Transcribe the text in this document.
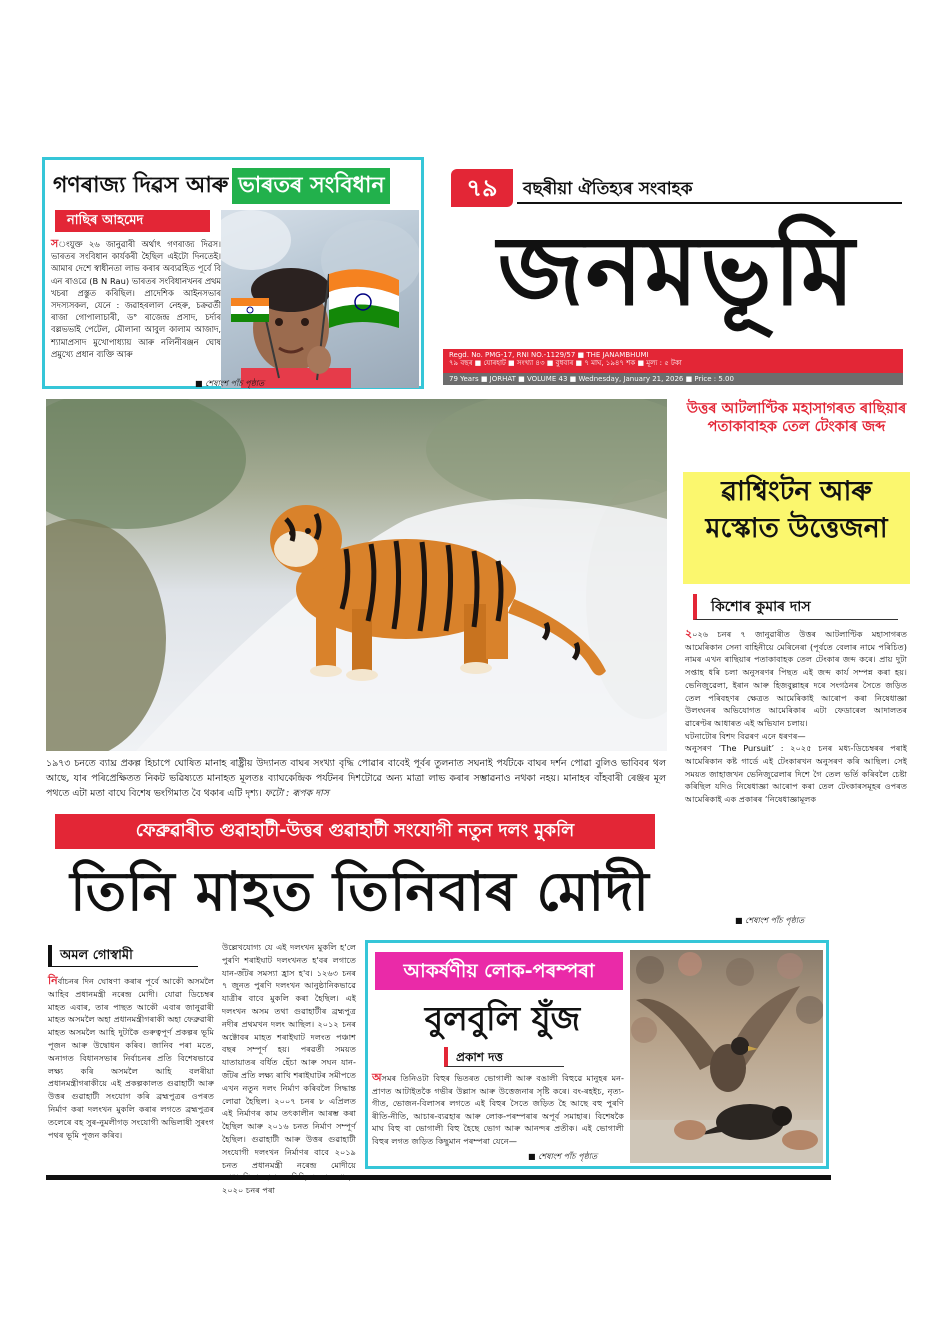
গণৰাজ্য দিৱস আৰু ভাৰতৰ সংবিধান
নাছিৰ আহমেদ
সংযুক্ত ২৬ জানুৱাৰী অৰ্থাৎ গণৰাজ্য দিৱস। ভাৰতৰ সংবিধান কাৰ্যকৰী হৈছিল এইটো দিনতেই। আমাৰ দেশে স্বাধীনতা লাভ কৰাৰ অব্যৱহিত পূৰ্বে বি এন ৰাওৱে (B N Rau) ভাৰতৰ সংবিধানখনৰ প্ৰথম খচৰা প্ৰস্তুত কৰিছিল। প্ৰাদেশিক আইনসভাৰ সদস্যসকল, যেনে : জৱাহৰলাল নেহৰু, চক্ৰৱৰ্তী ৰাজা গোপালাচাৰী, ড° ৰাজেন্দ্ৰ প্ৰসাদ, চৰ্দাৰ বল্লভভাই পেটেল, মৌলানা আবুল কালাম আজাদ, শ্যামাপ্ৰসাদ মুখোপাধ্যায় আৰু নলিনীৰঞ্জন ঘোষ প্ৰমুখ্যে প্ৰধান ব্যক্তি আৰু
■ শেষাংশ পাঁচ পৃষ্ঠাত
৭৯	বছৰীয়া ঐতিহ্যৰ সংবাহক
জনমভূমি
Regd. No. PMG-17, RNI NO.-1129/57 ■ THE JANAMBHUMI
৭৯ বছৰ ■ যোৰহাট ■ সংখ্যা ৪৩ ■ বুধবাৰ ■ ৭ মাঘ, ১৯৪৭ শক ■ মূল্য : ৫ টকা
79 Years ■ JORHAT ■ VOLUME 43 ■ Wednesday, January 21, 2026 ■ Price : 5.00
১৯৭৩ চনতে ব্যাঘ্ৰ প্ৰকল্প হিচাপে ঘোষিত মানাহ ৰাষ্ট্ৰীয় উদ্যানত বাঘৰ সংখ্যা বৃদ্ধি পোৱাৰ বাবেই পূৰ্বৰ তুলনাত সঘনাই পৰ্যটকে বাঘৰ দৰ্শন পোৱা বুলিও ভাবিবৰ থল আছে, যাৰ পৰিপ্ৰেক্ষিতত নিকট ভৱিষ্যতে মানাহত মূলতঃ ব্যাঘকেন্দ্ৰিক পৰ্যটনৰ দিশটোৱে অন্য মাত্ৰা লাভ কৰাৰ সম্ভাৱনাও নথকা নহয়। মানাহৰ বাঁহবাৰী ৰেঞ্জৰ মূল পথতে এটা মতা বাঘে বিশেষ ভংগিমাত বৈ থকাৰ এটি দৃশ্য। ফটো : ৰূপক দাস
উত্তৰ আটলাণ্টিক মহাসাগৰত ৰাছিয়াৰ পতাকাবাহক তেল টেংকাৰ জব্দ
ৱাশ্বিংটন আৰু মস্কোত উত্তেজনা
কিশোৰ কুমাৰ দাস

২০২৬ চনৰ ৭ জানুৱাৰীত উত্তৰ আটলাণ্টিক মহাসাগৰত আমেৰিকান সেনা বাহিনীয়ে মেৰিনেৰা (পূৰ্বতে বেলাৰ নামে পৰিচিত) নামৰ এখন ৰাছিয়াৰ পতাকাবাহক তেল টেংকাৰ জব্দ কৰে। প্ৰায় দুটা সপ্তাহ ধৰি চলা অনুসৰণৰ পিছত এই জব্দ কাৰ্য সম্পন্ন কৰা হয়। ভেনিজুৱেলা, ইৰান আৰু হিজবুল্লাহৰ দৰে সংগঠনৰ সৈতে জড়িত তেল পৰিবহণৰ ক্ষেত্ৰত আমেৰিকাই আৰোপ কৰা নিষেধাজ্ঞা উলংঘনৰ অভিযোগত আমেৰিকাৰ এটা ফেডাৰেল আদালতৰ ৱাৰেণ্টৰ আধাৰত এই অভিযান চলায়।

ঘটনাটোৰ বিশদ বিৱৰণ এনে ধৰণৰ—

অনুসৰণ ‘The Pursuit’ : ২০২৫ চনৰ মধ্য-ডিচেম্বৰৰ পৰাই আমেৰিকান কষ্ট গাৰ্ডে এই টেংকাৰখন অনুসৰণ কৰি আছিল। সেই সময়ত জাহাজখন ভেনিজুৱেলাৰ দিশে গৈ তেল ভৰ্তি কৰিবলৈ চেষ্টা কৰিছিল যদিও নিষেধাজ্ঞা আৰোপ কৰা তেল টেংকাৰসমূহৰ ওপৰত আমেৰিকাই এক প্ৰকাৰৰ ‘নিষেধাজ্ঞামূলক

■ শেষাংশ পাঁচ পৃষ্ঠাত
ফেব্ৰুৱাৰীত গুৱাহাটী-উত্তৰ গুৱাহাটী সংযোগী নতুন দলং মুকলি
তিনি মাহত তিনিবাৰ মোদী
অমল গোস্বামী
নিৰ্বাচনৰ দিন ঘোষণা কৰাৰ পূৰ্বে আকৌ অসমলৈ আহিব প্ৰধানমন্ত্ৰী নৰেন্দ্ৰ মোদী। যোৱা ডিচেম্বৰ মাহত এবাৰ, তাৰ পাছত আকৌ এবাৰ জানুৱাৰী মাহত অসমলৈ অহা প্ৰধানমন্ত্ৰীগৰাকী অহা ফেব্ৰুৱাৰী মাহত অসমলৈ আহি দুটাকৈ গুৰুত্বপূৰ্ণ প্ৰকল্পৰ ভূমি পূজন আৰু উদ্বোধন কৰিব। জানিব পৰা মতে, অনাগত বিধানসভাৰ নিৰ্বাচনৰ প্ৰতি বিশেষভাৱে লক্ষ্য কৰি অসমলৈ আহি বলৰীয়া প্ৰধানমন্ত্ৰীগৰাকীয়ে এই প্ৰকল্পকালত গুৱাহাটী আৰু উত্তৰ গুৱাহাটী সংযোগ কৰি ব্ৰহ্মপুত্ৰৰ ওপৰত নিৰ্মাণ কৰা দলংখন মুকলি কৰাৰ লগতে ব্ৰহ্মপুত্ৰৰ তলেৰে বহ সুৰ-নুমলীগড় সংযোগী অভিলাষী সুৰংগ পথৰ ভূমি পূজন কৰিব।
উল্লেখযোগ্য যে এই দলংখন মুকলি হ'লে পুৰণি শৰাইঘাট দলংখনত হ'বৰ লগাতে যান-জঁটৰ সমস্যা হ্ৰাস হ'ব। ১২৬৩ চনৰ ৭ জুনত পুৰণি দলংখন আনুষ্ঠানিকভাৱে যাত্ৰীৰ বাবে মুকলি কৰা হৈছিল। এই দলংখন অসম তথা গুৱাহাটীৰ ব্ৰহ্মপুত্ৰ নদীৰ প্ৰথমখন দলং আছিল। ২০১২ চনৰ অক্টোবৰ মাহত শৰাইঘাট দলংত পঞ্চাশ বছৰ সম্পূৰ্ণ হয়। পৰৱৰ্তী সময়ত যাতায়াতৰ বৰ্ধিত হেঁচা আৰু সঘন যান-জঁটৰ প্ৰতি লক্ষ্য ৰাখি শৰাইঘাটৰ সমীপতে এখন নতুন দলং নিৰ্মাণ কৰিবলৈ সিদ্ধান্ত লোৱা হৈছিল। ২০০৭ চনৰ ৮ এপ্ৰিলত এই নিৰ্মাণৰ কাম তৎকালীন আৰম্ভ কৰা হৈছিল আৰু ২০১৬ চনত নিৰ্মাণ সম্পূৰ্ণ হৈছিল। গুৱাহাটী আৰু উত্তৰ গুৱাহাটী সংযোগী দলংখন নিৰ্মাণৰ বাবে ২০১৯ চনত প্ৰধানমন্ত্ৰী নৰেন্দ্ৰ মোদীয়ে ২০২০ চনৰ পৰা
আকৰ্ষণীয় লোক-পৰম্পৰা
বুলবুলি যুঁজ
প্ৰকাশ দত্ত
অসমৰ তিনিওটা বিহুৰ ভিতৰত ভোগালী আৰু বঙালী বিহুৱে মানুহৰ মন-প্ৰাণত আটাইতকৈ গভীৰ উল্লাস আৰু উত্তেজনাৰ সৃষ্টি কৰে। বং-ৰহইচ, নৃত্য-গীত, ভোজন-বিলাসৰ লগতে এই বিহুৰ সৈতে জড়িত হৈ আছে বহু পুৰণি ৰীতি-নীতি, আচাৰ-ব্যৱহাৰ আৰু লোক-পৰম্পৰাৰ অপূৰ্ব সমাহাৰ। বিশেষকৈ মাঘ বিহু বা ভোগালী বিহু হৈছে ভোগ আৰু আনন্দৰ প্ৰতীক। এই ভোগালী বিহুৰ লগত জড়িত কিছুমান পৰম্পৰা যেনে—
■ শেষাংশ পাঁচ পৃষ্ঠাত
